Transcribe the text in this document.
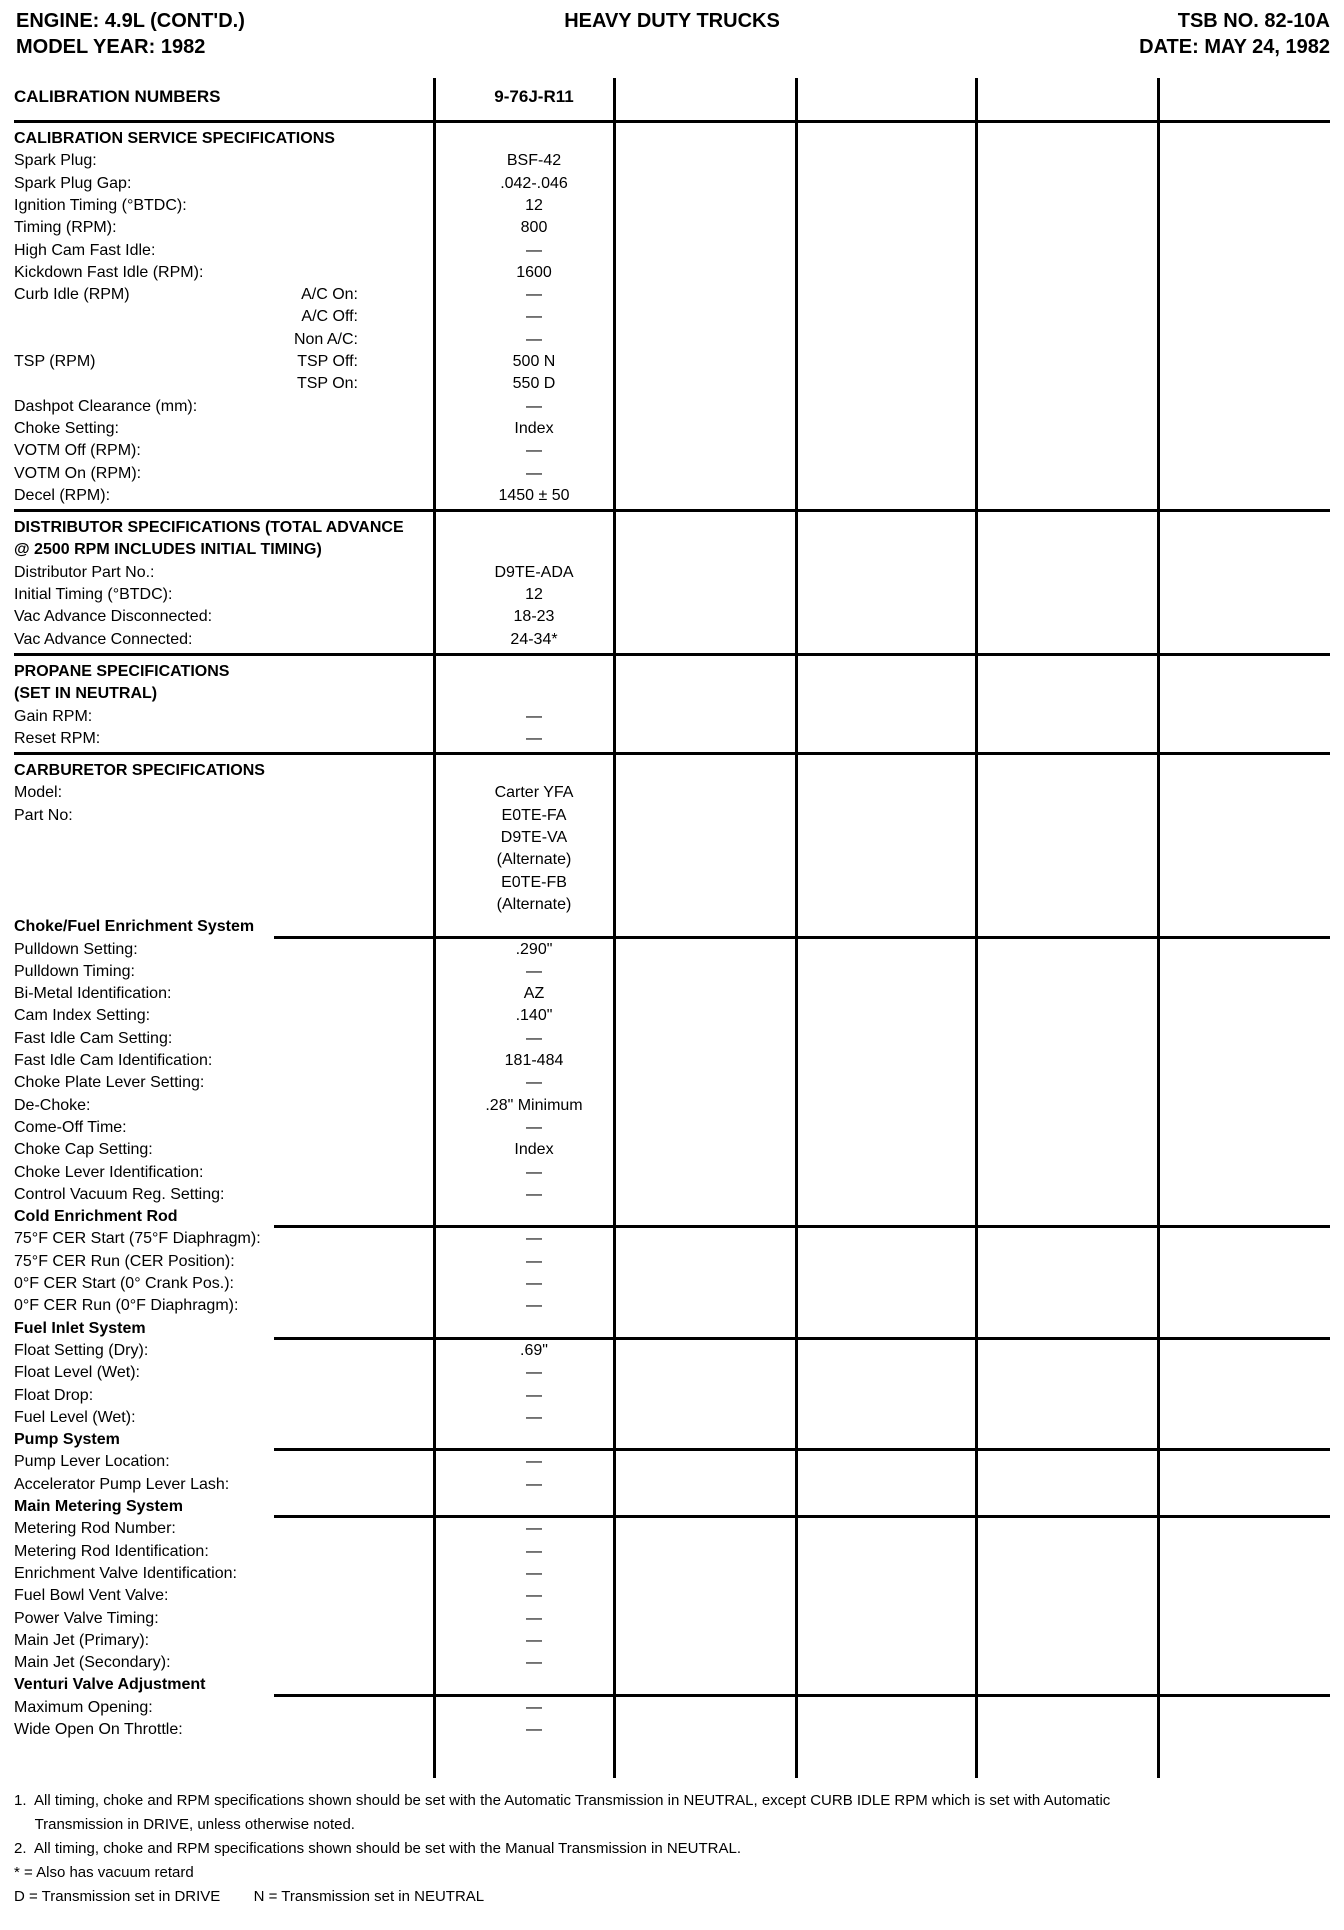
ENGINE: 4.9L (CONT'D.)
MODEL YEAR: 1982
HEAVY DUTY TRUCKS	TSB NO. 82-10A
DATE: MAY 24, 1982
CALIBRATION NUMBERS	9-76J-R11
CALIBRATION SERVICE SPECIFICATIONS
Spark Plug:	BSF-42
Spark Plug Gap:	.042-.046
Ignition Timing (°BTDC):	12
Timing (RPM):	800
High Cam Fast Idle:	—
Kickdown Fast Idle (RPM):	1600
Curb Idle (RPM)	A/C On:	—
A/C Off:	—
Non A/C:	—
TSP (RPM)	TSP Off:	500 N
TSP On:	550 D
Dashpot Clearance (mm):	—
Choke Setting:	Index
VOTM Off (RPM):	—
VOTM On (RPM):	—
Decel (RPM):	1450 ± 50
DISTRIBUTOR SPECIFICATIONS (TOTAL ADVANCE
@ 2500 RPM INCLUDES INITIAL TIMING)
Distributor Part No.:	D9TE-ADA
Initial Timing (°BTDC):	12
Vac Advance Disconnected:	18-23
Vac Advance Connected:	24-34*
PROPANE SPECIFICATIONS
(SET IN NEUTRAL)
Gain RPM:	—
Reset RPM:	—
CARBURETOR SPECIFICATIONS
Model:	Carter YFA
Part No:	E0TE-FA
D9TE-VA
(Alternate)
E0TE-FB
(Alternate)
Choke/Fuel Enrichment System
Pulldown Setting:	.290"
Pulldown Timing:	—
Bi-Metal Identification:	AZ
Cam Index Setting:	.140"
Fast Idle Cam Setting:	—
Fast Idle Cam Identification:	181-484
Choke Plate Lever Setting:	—
De-Choke:	.28" Minimum
Come-Off Time:	—
Choke Cap Setting:	Index
Choke Lever Identification:	—
Control Vacuum Reg. Setting:	—
Cold Enrichment Rod
75°F CER Start (75°F Diaphragm):	—
75°F CER Run (CER Position):	—
0°F CER Start (0° Crank Pos.):	—
0°F CER Run (0°F Diaphragm):	—
Fuel Inlet System
Float Setting (Dry):	.69"
Float Level (Wet):	—
Float Drop:	—
Fuel Level (Wet):	—
Pump System
Pump Lever Location:	—
Accelerator Pump Lever Lash:	—
Main Metering System
Metering Rod Number:	—
Metering Rod Identification:	—
Enrichment Valve Identification:	—
Fuel Bowl Vent Valve:	—
Power Valve Timing:	—
Main Jet (Primary):	—
Main Jet (Secondary):	—
Venturi Valve Adjustment
Maximum Opening:	—
Wide Open On Throttle:	—
1.  All timing, choke and RPM specifications shown should be set with the Automatic Transmission in NEUTRAL, except CURB IDLE RPM which is set with Automatic
Transmission in DRIVE, unless otherwise noted.
2.  All timing, choke and RPM specifications shown should be set with the Manual Transmission in NEUTRAL.
* = Also has vacuum retard
D = Transmission set in DRIVE        N = Transmission set in NEUTRAL
